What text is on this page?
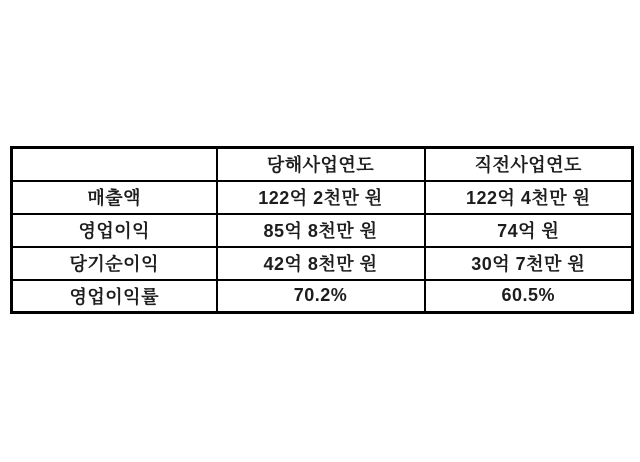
	당해사업연도	직전사업연도
매출액	122억 2천만 원	122억 4천만 원
영업이익	85억 8천만 원	74억 원
당기순이익	42억 8천만 원	30억 7천만 원
영업이익률	70.2%	60.5%
